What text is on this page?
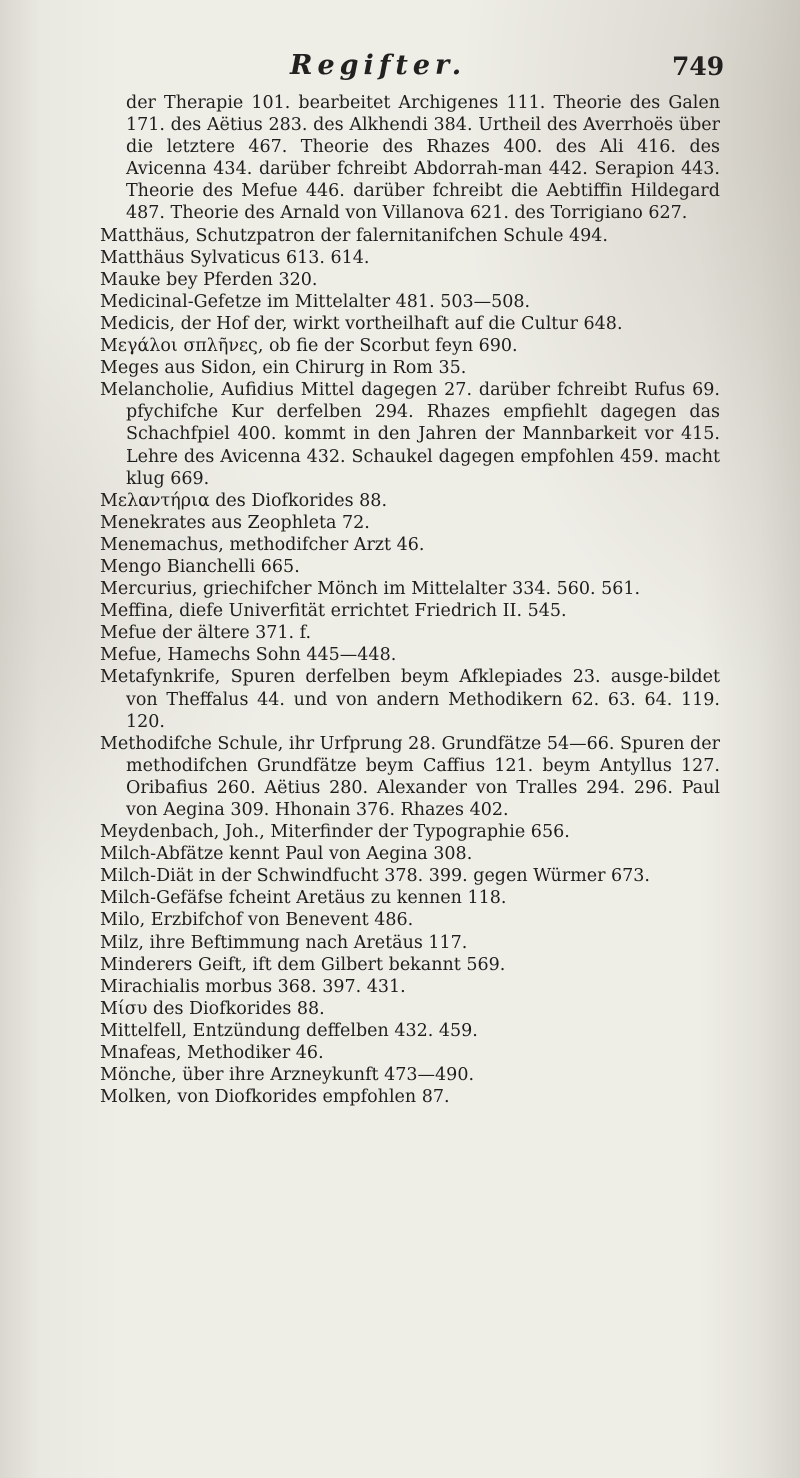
Regifter.	749

der Therapie 101. bearbeitet Archigenes 111. Theorie des Galen 171. des Aëtius 283. des Alkhendi 384. Urtheil des Averrhoës über die letztere 467. Theorie des Rhazes 400. des Ali 416. des Avicenna 434. darüber fchreibt Abdorrah-man 442. Serapion 443. Theorie des Mefue 446. darüber fchreibt die Aebtiffin Hildegard 487. Theorie des Arnald von Villanova 621. des Torrigiano 627.

Matthäus, Schutzpatron der falernitanifchen Schule 494.

Matthäus Sylvaticus 613. 614.

Mauke bey Pferden 320.

Medicinal-Gefetze im Mittelalter 481. 503—508.

Medicis, der Hof der, wirkt vortheilhaft auf die Cultur 648.

Μεγάλοι σπλῆνες, ob fie der Scorbut feyn 690.

Meges aus Sidon, ein Chirurg in Rom 35.

Melancholie, Aufidius Mittel dagegen 27. darüber fchreibt Rufus 69. pfychifche Kur derfelben 294. Rhazes empfiehlt dagegen das Schachfpiel 400. kommt in den Jahren der Mannbarkeit vor 415. Lehre des Avicenna 432. Schaukel dagegen empfohlen 459. macht klug 669.

Μελαντήρια des Diofkorides 88.

Menekrates aus Zeophleta 72.

Menemachus, methodifcher Arzt 46.

Mengo Bianchelli 665.

Mercurius, griechifcher Mönch im Mittelalter 334. 560. 561.

Meffina, diefe Univerfität errichtet Friedrich II. 545.

Mefue der ältere 371. f.

Mefue, Hamechs Sohn 445—448.

Metafynkrife, Spuren derfelben beym Afklepiades 23. ausge-bildet von Theffalus 44. und von andern Methodikern 62. 63. 64. 119. 120.

Methodifche Schule, ihr Urfprung 28. Grundfätze 54—66. Spuren der methodifchen Grundfätze beym Caffius 121. beym Antyllus 127. Oribafius 260. Aëtius 280. Alexander von Tralles 294. 296. Paul von Aegina 309. Hhonain 376. Rhazes 402.

Meydenbach, Joh., Miterfinder der Typographie 656.

Milch-Abfätze kennt Paul von Aegina 308.

Milch-Diät in der Schwindfucht 378. 399. gegen Würmer 673.

Milch-Gefäfse fcheint Aretäus zu kennen 118.

Milo, Erzbifchof von Benevent 486.

Milz, ihre Beftimmung nach Aretäus 117.

Minderers Geift, ift dem Gilbert bekannt 569.

Mirachialis morbus 368. 397. 431.

Μίσυ des Diofkorides 88.

Mittelfell, Entzündung deffelben 432. 459.

Mnafeas, Methodiker 46.

Mönche, über ihre Arzneykunft 473—490.

Molken, von Diofkorides empfohlen 87.
